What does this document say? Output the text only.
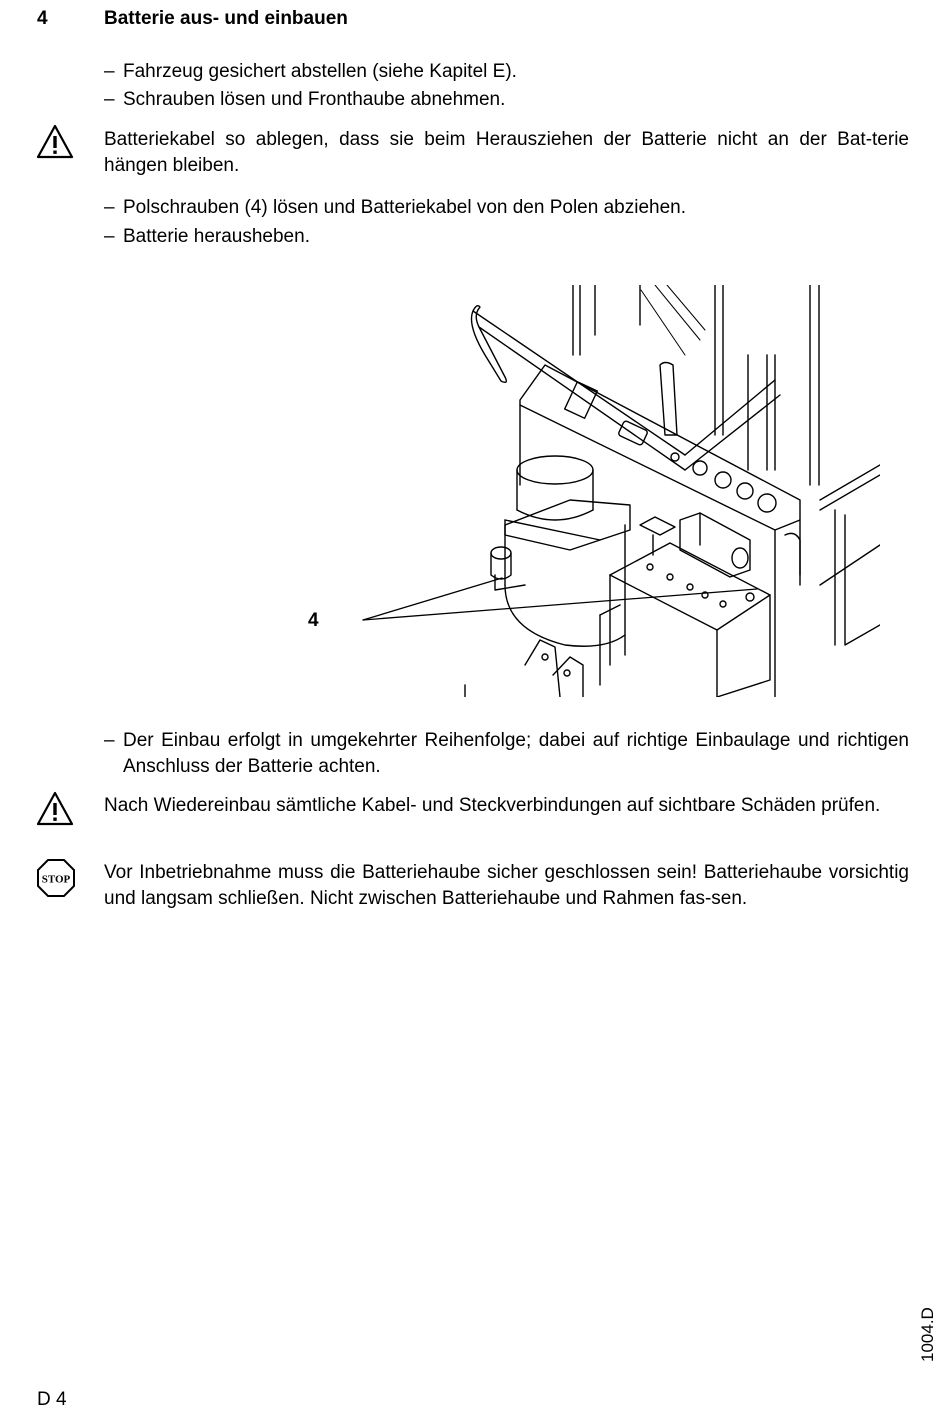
4	Batterie aus- und einbauen
– Fahrzeug gesichert abstellen (siehe Kapitel E).
– Schrauben lösen und Fronthaube abnehmen.
Batteriekabel so ablegen, dass sie beim Herausziehen der Batterie nicht an der Bat-terie hängen bleiben.
– Polschrauben (4) lösen und Batteriekabel von den Polen abziehen.
– Batterie herausheben.
4
– Der Einbau erfolgt in umgekehrter Reihenfolge; dabei auf richtige Einbaulage und richtigen Anschluss der Batterie achten.
Nach Wiedereinbau sämtliche Kabel- und Steckverbindungen auf sichtbare Schäden prüfen.
STOP Vor Inbetriebnahme muss die Batteriehaube sicher geschlossen sein! Batteriehaube vorsichtig und langsam schließen. Nicht zwischen Batteriehaube und Rahmen fas-sen.
D 4
1004.D
